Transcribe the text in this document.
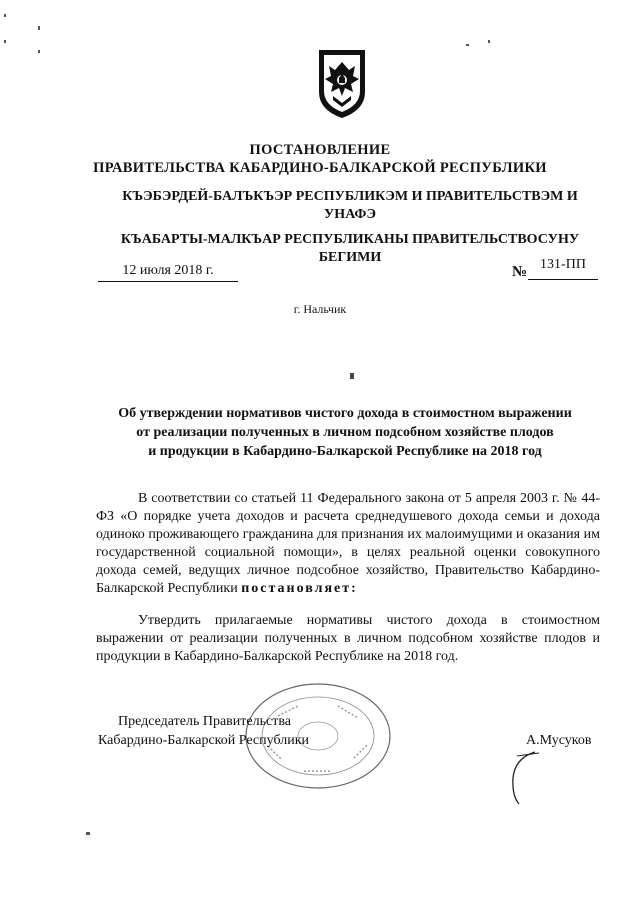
ПОСТАНОВЛЕНИЕ
ПРАВИТЕЛЬСТВА КАБАРДИНО-БАЛКАРСКОЙ РЕСПУБЛИКИ
КЪЭБЭРДЕЙ-БАЛЪКЪЭР РЕСПУБЛИКЭМ И ПРАВИТЕЛЬСТВЭМ И УНАФЭ
КЪАБАРТЫ-МАЛКЪАР РЕСПУБЛИКАНЫ ПРАВИТЕЛЬСТВОСУНУ БЕГИМИ
12 июля 2018 г.	№ 131-ПП
г. Нальчик
Об утверждении нормативов чистого дохода в стоимостном выражении
от реализации полученных в личном подсобном хозяйстве плодов
и продукции в Кабардино-Балкарской Республике на 2018 год
В соответствии со статьей 11 Федерального закона от 5 апреля 2003 г. № 44-ФЗ «О порядке учета доходов и расчета среднедушевого дохода семьи и дохода одиноко проживающего гражданина для признания их малоимущими и оказания им государственной социальной помощи», в целях реальной оценки совокупного дохода семей, ведущих личное подсобное хозяйство, Правительство Кабардино-Балкарской Республики постановляет:
Утвердить прилагаемые нормативы чистого дохода в стоимостном выражении от реализации полученных в личном подсобном хозяйстве плодов и продукции в Кабардино-Балкарской Республике на 2018 год.
Председатель Правительства
Кабардино-Балкарской Республики	А.Мусуков
